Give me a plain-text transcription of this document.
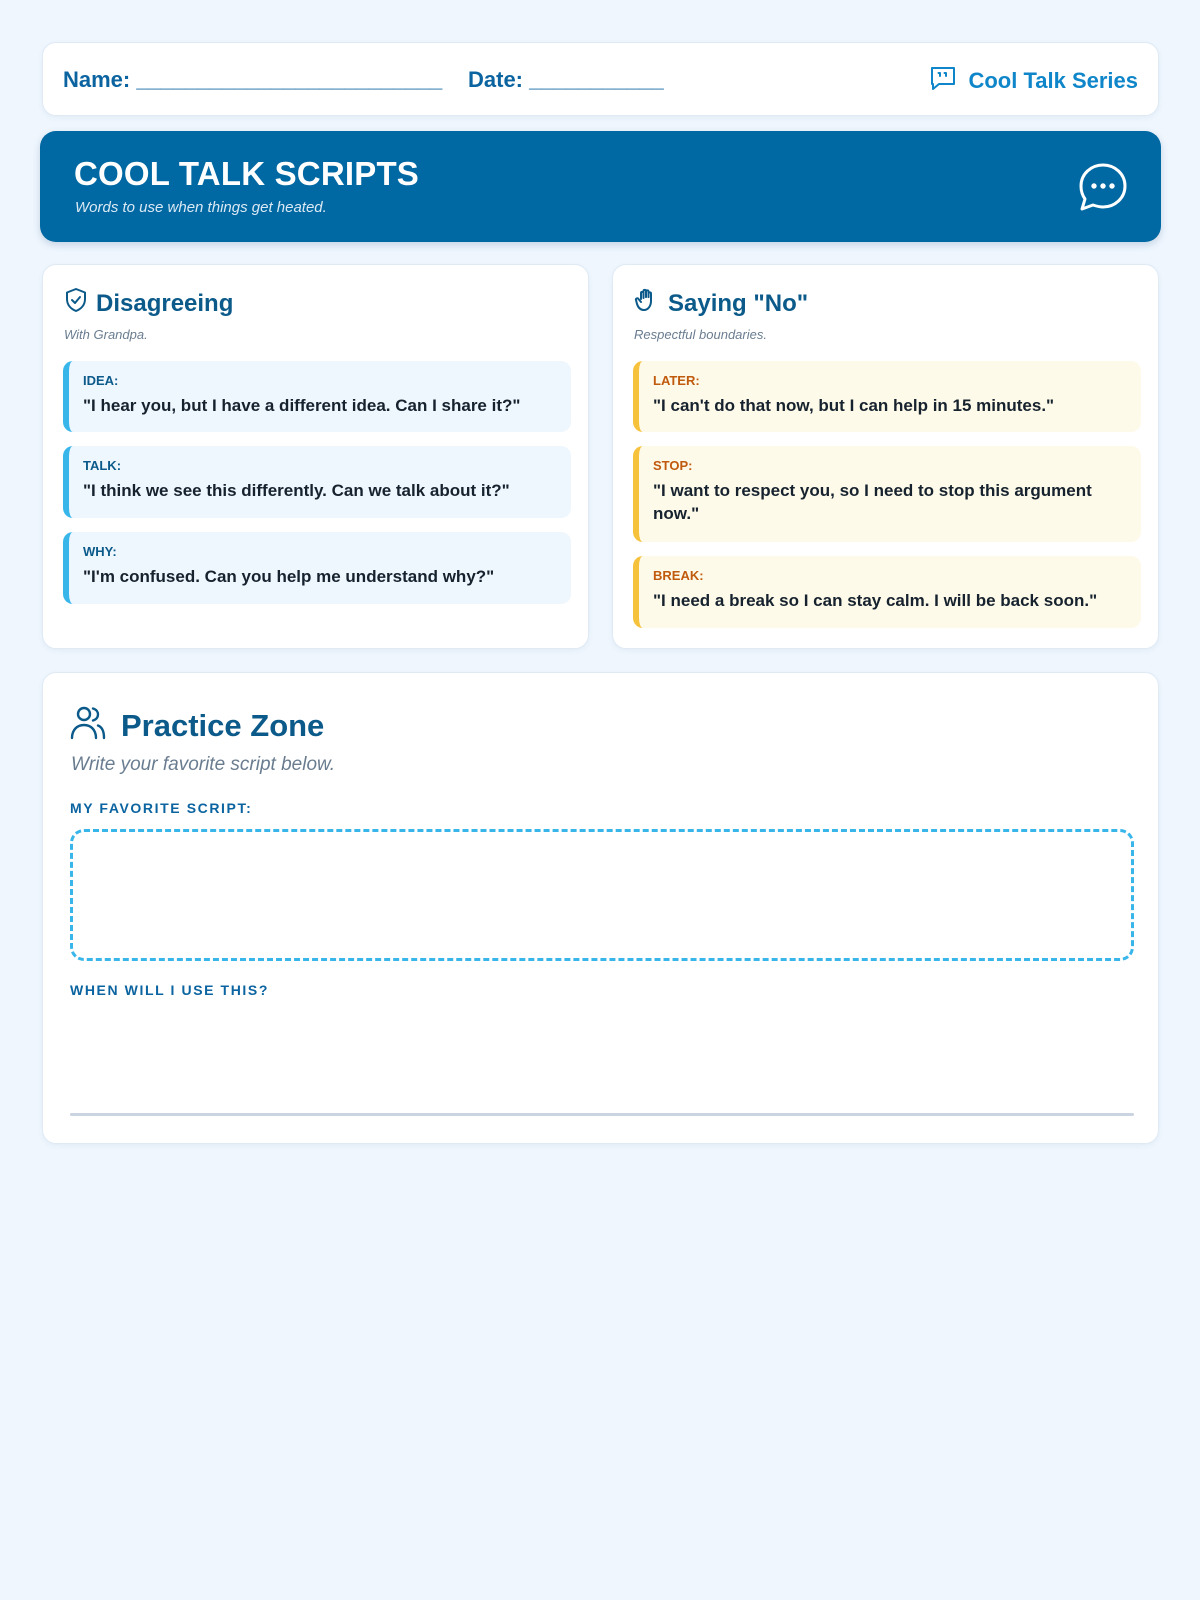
Name: _________________________ Date: ___________	Cool Talk Series
COOL TALK SCRIPTS
Words to use when things get heated.
Disagreeing
With Grandpa.
IDEA:
"I hear you, but I have a different idea. Can I share it?"
TALK:
"I think we see this differently. Can we talk about it?"
WHY:
"I'm confused. Can you help me understand why?"
Saying "No"
Respectful boundaries.
LATER:
"I can't do that now, but I can help in 15 minutes."
STOP:
"I want to respect you, so I need to stop this argument now."
BREAK:
"I need a break so I can stay calm. I will be back soon."
Practice Zone
Write your favorite script below.
MY FAVORITE SCRIPT:
WHEN WILL I USE THIS?
